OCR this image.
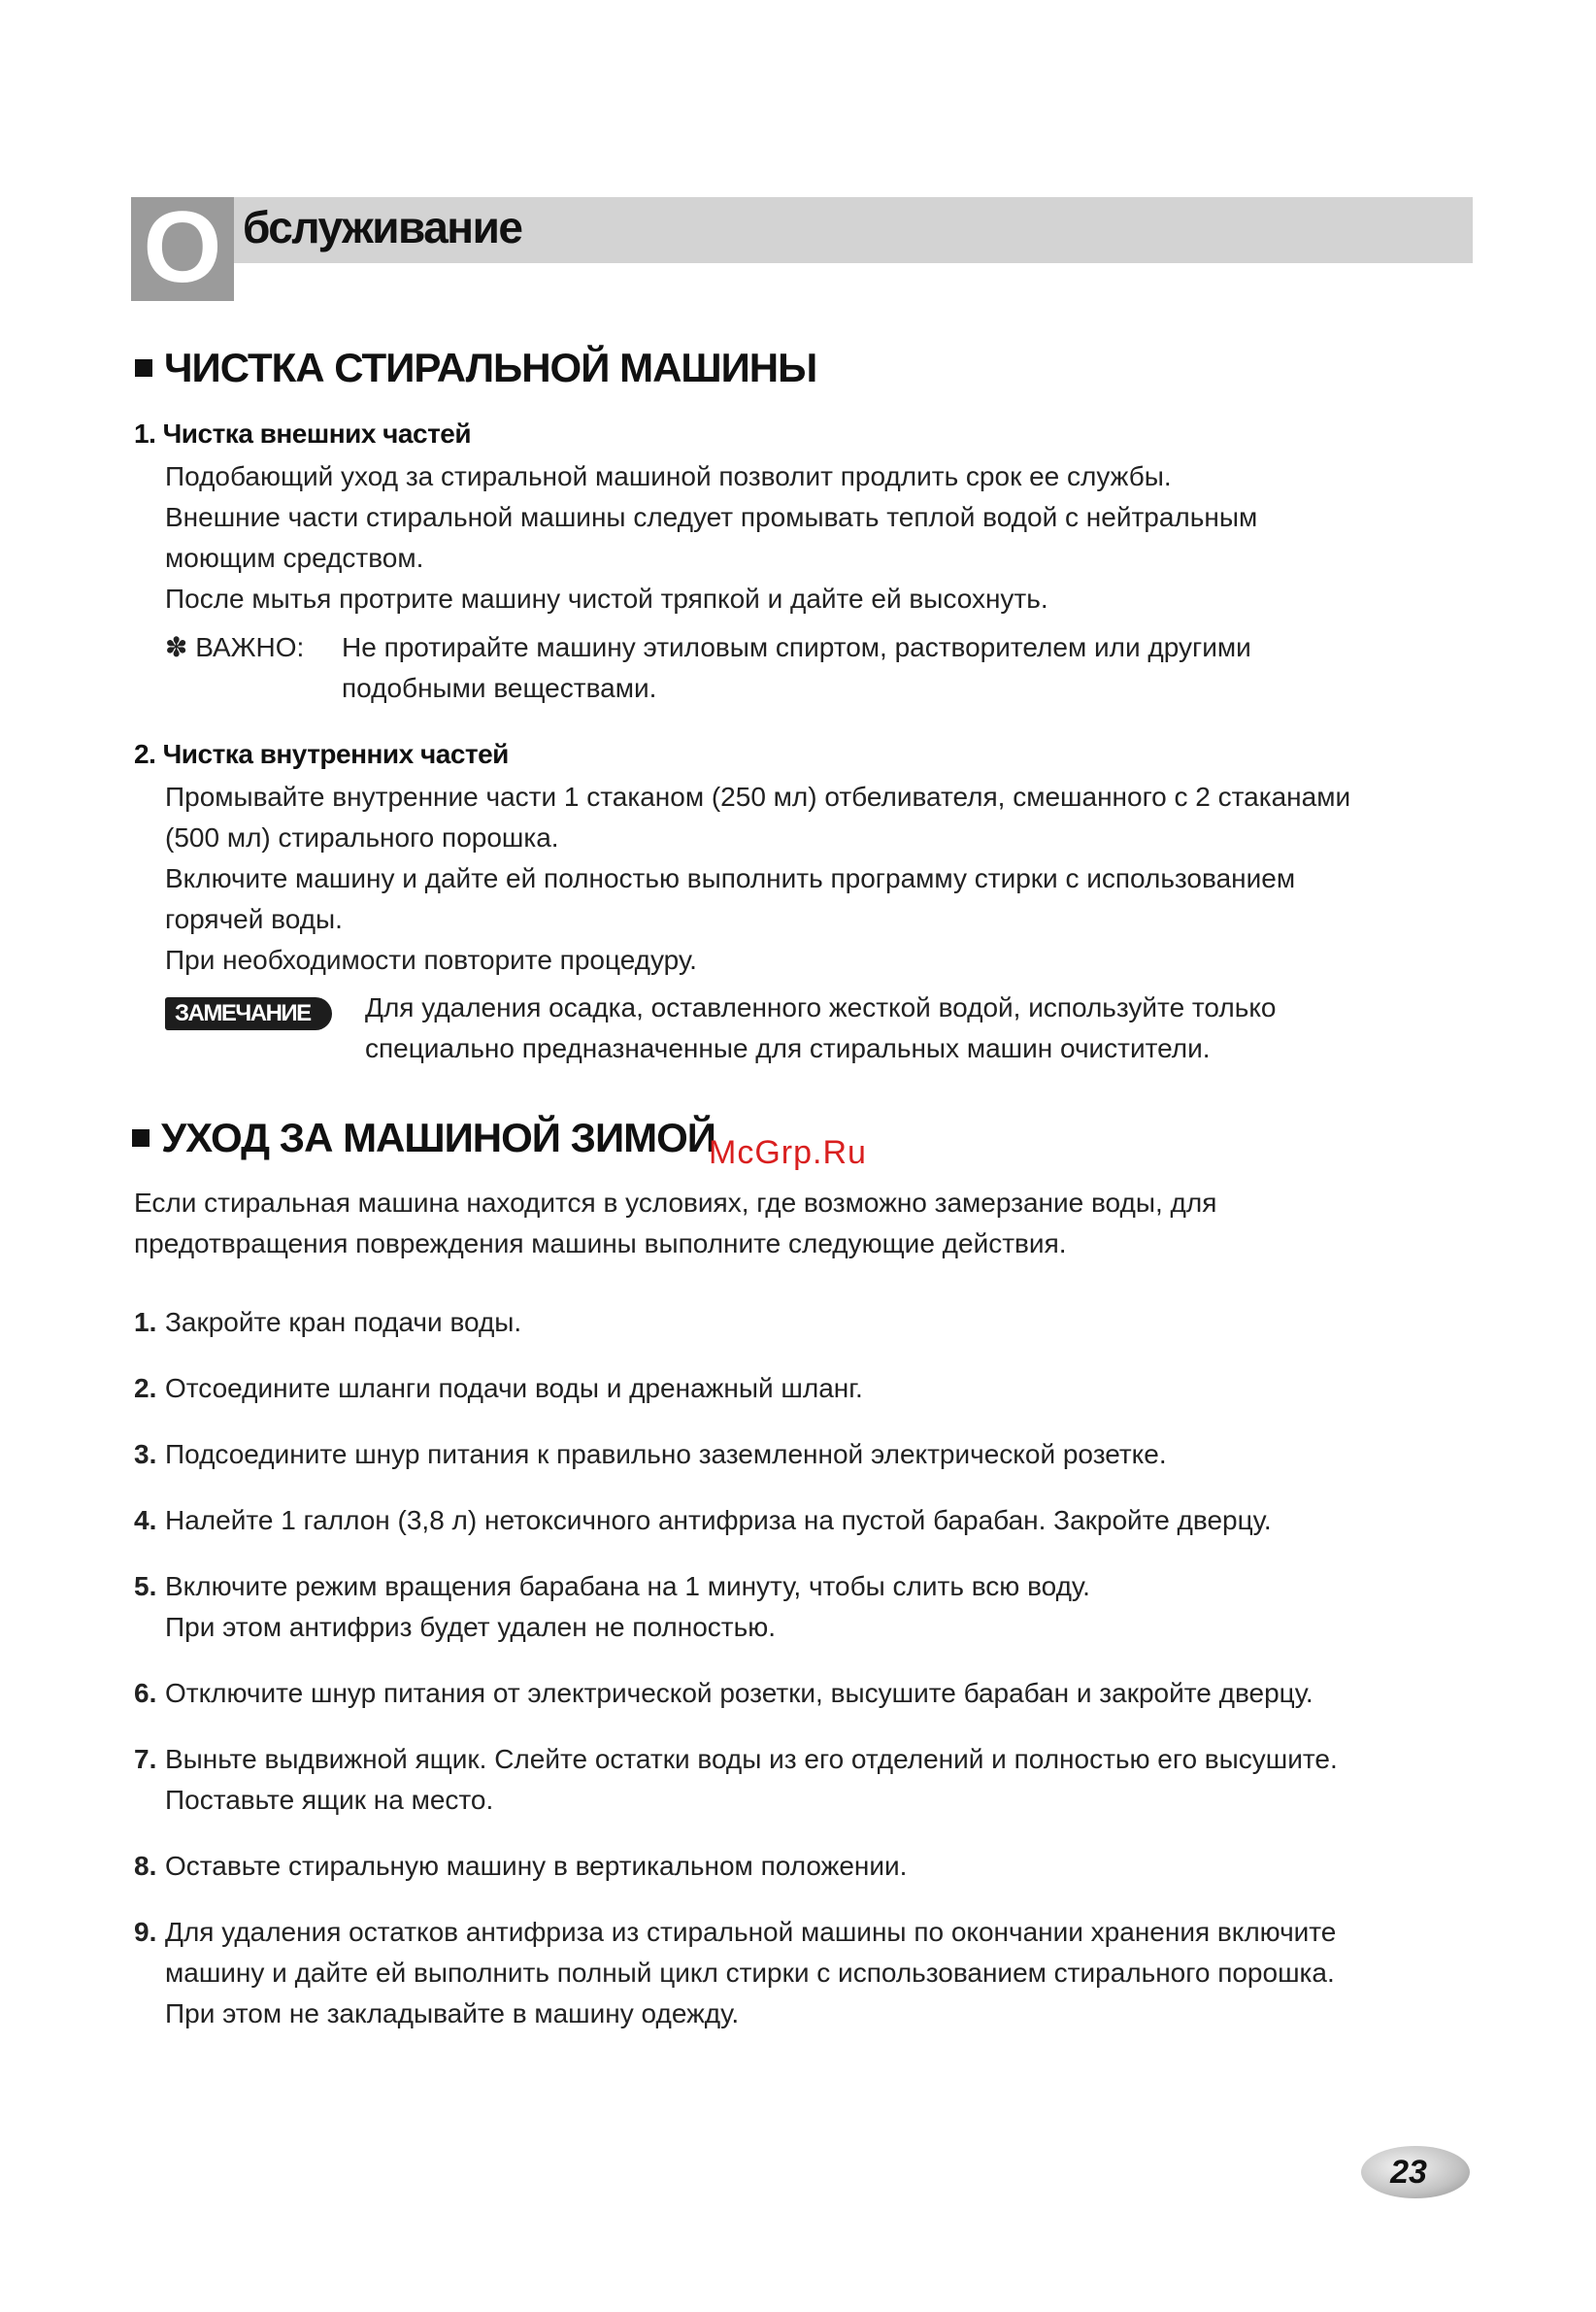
О бслуживание
ЧИСТКА СТИРАЛЬНОЙ МАШИНЫ
1. Чистка внешних частей

Подобающий уход за стиральной машиной позволит продлить срок ее службы.

Внешние части стиральной машины следует промывать теплой водой с нейтральным

моющим средством.

После мытья протрите машину чистой тряпкой и дайте ей высохнуть.

✽ ВАЖНО:	Не протирайте машину этиловым спиртом, растворителем или другими

подобными веществами.

2. Чистка внутренних частей

Промывайте внутренние части 1 стаканом (250 мл) отбеливателя, смешанного с 2 стаканами

(500 мл) стирального порошка.

Включите машину и дайте ей полностью выполнить программу стирки с использованием

горячей воды.

При необходимости повторите процедуру.

ЗАМЕЧАНИЕ	Для удаления осадка, оставленного жесткой водой, используйте только

специально предназначенные для стиральных машин очистители.

УХОД ЗА МАШИНОЙ ЗИМОЙ
McGrp.Ru

Если стиральная машина находится в условиях, где возможно замерзание воды, для

предотвращения повреждения машины выполните следующие действия.

1. Закройте кран подачи воды.

2. Отсоедините шланги подачи воды и дренажный шланг.

3. Подсоедините шнур питания к правильно заземленной электрической розетке.

4. Налейте 1 галлон (3,8 л) нетоксичного антифриза на пустой барабан. Закройте дверцу.

5. Включите режим вращения барабана на 1 минуту, чтобы слить всю воду.

При этом антифриз будет удален не полностью.

6. Отключите шнур питания от электрической розетки, высушите барабан и закройте дверцу.

7. Выньте выдвижной ящик. Слейте остатки воды из его отделений и полностью его высушите.

Поставьте ящик на место.

8. Оставьте стиральную машину в вертикальном положении.

9. Для удаления остатков антифриза из стиральной машины по окончании хранения включите

машину и дайте ей выполнить полный цикл стирки с использованием стирального порошка.

При этом не закладывайте в машину одежду.

23
